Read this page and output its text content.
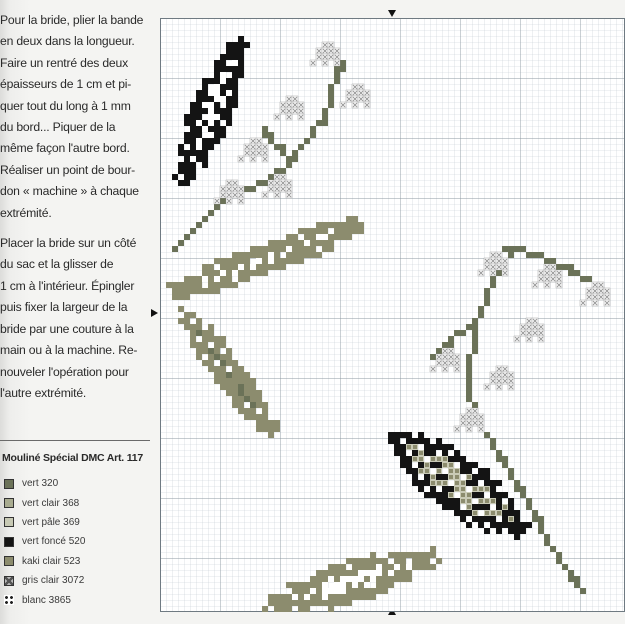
Pour la bride, plier la bande
en deux dans la longueur.
Faire un rentré des deux
épaisseurs de 1 cm et pi-
quer tout du long à 1 mm
du bord... Piquer de la
même façon l'autre bord.
Réaliser un point de bour-
don « machine » à chaque
extrémité.

Placer la bride sur un côté
du sac et la glisser de
1 cm à l'intérieur. Épingler
puis fixer la largeur de la
bride par une couture à la
main ou à la machine. Re-
nouveler l'opération pour
l'autre extrémité.

Mouliné Spécial DMC Art. 117
vert 320
vert clair 368
vert pâle 369
vert foncé 520
kaki clair 523
gris clair 3072
blanc 3865
